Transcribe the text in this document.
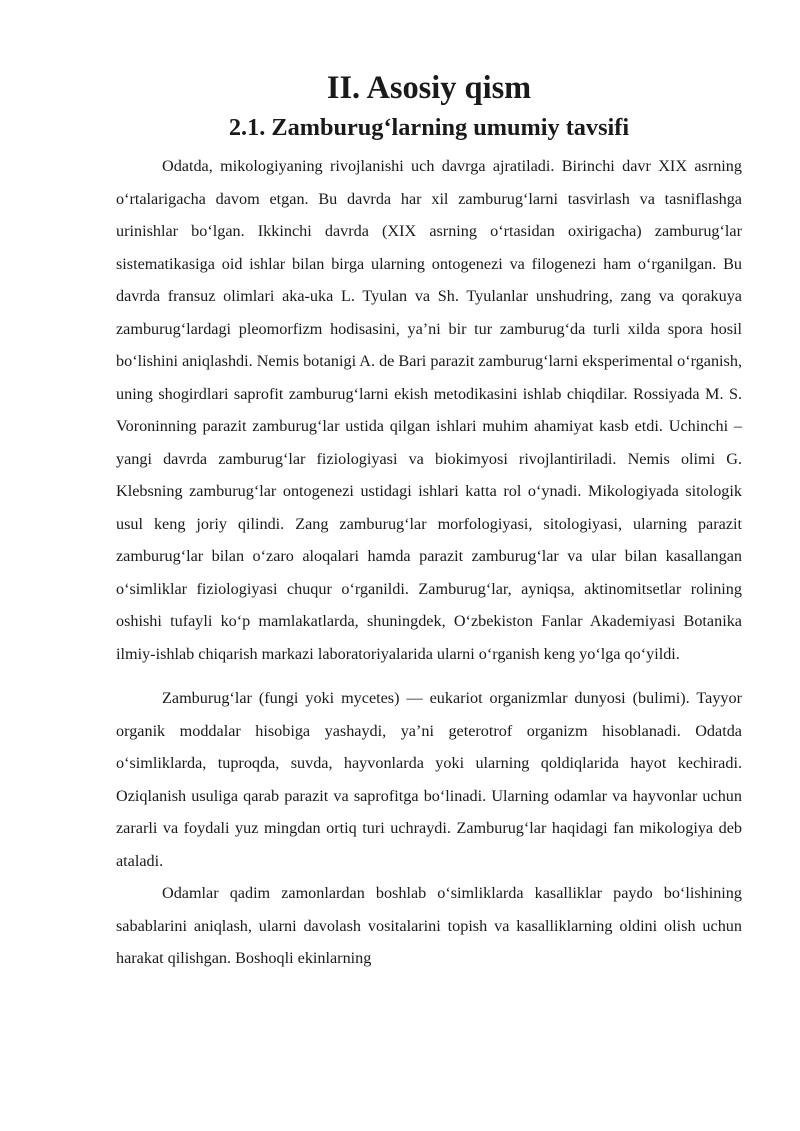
II. Asosiy qism
2.1. Zamburug‘larning umumiy tavsifi

Odatda, mikologiyaning rivojlanishi uch davrga ajratiladi. Birinchi davr XIX asrning o‘rtalarigacha davom etgan. Bu davrda har xil zamburug‘larni tasvirlash va tasniflashga urinishlar bo‘lgan. Ikkinchi davrda (XIX asrning o‘rtasidan oxirigacha) zamburug‘lar sistematikasiga oid ishlar bilan birga ularning ontogenezi va filogenezi ham o‘rganilgan. Bu davrda fransuz olimlari aka-uka L. Tyulan va Sh. Tyulanlar unshudring, zang va qorakuya zamburug‘lardagi pleomorfizm hodisasini, ya’ni bir tur zamburug‘da turli xilda spora hosil bo‘lishini aniqlashdi. Nemis botanigi A. de Bari parazit zamburug‘larni eksperimental o‘rganish, uning shogirdlari saprofit zamburug‘larni ekish metodikasini ishlab chiqdilar. Rossiyada M. S. Voroninning parazit zamburug‘lar ustida qilgan ishlari muhim ahamiyat kasb etdi. Uchinchi – yangi davrda zamburug‘lar fiziologiyasi va biokimyosi rivojlantiriladi. Nemis olimi G. Klebsning zamburug‘lar ontogenezi ustidagi ishlari katta rol o‘ynadi. Mikologiyada sitologik usul keng joriy qilindi. Zang zamburug‘lar morfologiyasi, sitologiyasi, ularning parazit zamburug‘lar bilan o‘zaro aloqalari hamda parazit zamburug‘lar va ular bilan kasallangan o‘simliklar fiziologiyasi chuqur o‘rganildi. Zamburug‘lar, ayniqsa, aktinomitsetlar rolining oshishi tufayli ko‘p mamlakatlarda, shuningdek, O‘zbekiston Fanlar Akademiyasi Botanika ilmiy-ishlab chiqarish markazi laboratoriyalarida ularni o‘rganish keng yo‘lga qo‘yildi.

Zamburug‘lar (fungi yoki mycetes) — eukariot organizmlar dunyosi (bulimi). Tayyor organik moddalar hisobiga yashaydi, ya’ni geterotrof organizm hisoblanadi. Odatda o‘simliklarda, tuproqda, suvda, hayvonlarda yoki ularning qoldiqlarida hayot kechiradi. Oziqlanish usuliga qarab parazit va saprofitga bo‘linadi. Ularning odamlar va hayvonlar uchun zararli va foydali yuz mingdan ortiq turi uchraydi. Zamburug‘lar haqidagi fan mikologiya deb ataladi.

Odamlar qadim zamonlardan boshlab o‘simliklarda kasalliklar paydo bo‘lishining sabablarini aniqlash, ularni davolash vositalarini topish va kasalliklarning oldini olish uchun harakat qilishgan. Boshoqli ekinlarning
